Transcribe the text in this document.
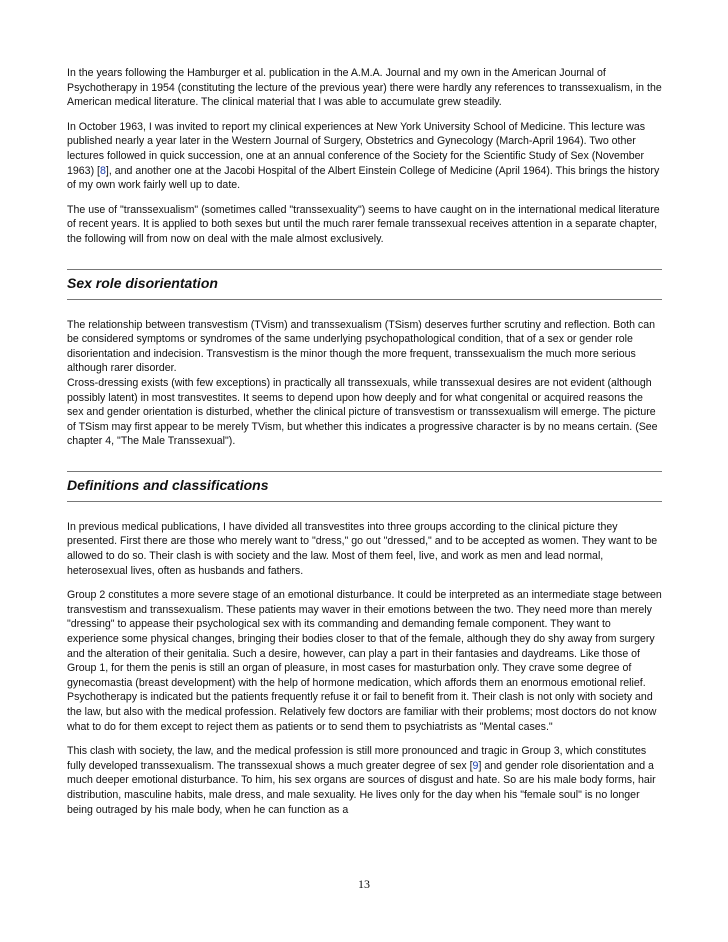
In the years following the Hamburger et al. publication in the A.M.A. Journal and my own in the American Journal of Psychotherapy in 1954 (constituting the lecture of the previous year) there were hardly any references to transsexualism, in the American medical literature. The clinical material that I was able to accumulate grew steadily.

In October 1963, I was invited to report my clinical experiences at New York University School of Medicine. This lecture was published nearly a year later in the Western Journal of Surgery, Obstetrics and Gynecology (March-April 1964). Two other lectures followed in quick succession, one at an annual conference of the Society for the Scientific Study of Sex (November 1963) [8], and another one at the Jacobi Hospital of the Albert Einstein College of Medicine (April 1964). This brings the history of my own work fairly well up to date.

The use of "transsexualism" (sometimes called "transsexuality") seems to have caught on in the international medical literature of recent years. It is applied to both sexes but until the much rarer female transsexual receives attention in a separate chapter, the following will from now on deal with the male almost exclusively.

Sex role disorientation

The relationship between transvestism (TVism) and transsexualism (TSism) deserves further scrutiny and reflection. Both can be considered symptoms or syndromes of the same underlying psychopathological condition, that of a sex or gender role disorientation and indecision. Transvestism is the minor though the more frequent, transsexualism the much more serious although rarer disorder.

Cross-dressing exists (with few exceptions) in practically all transsexuals, while transsexual desires are not evident (although possibly latent) in most transvestites. It seems to depend upon how deeply and for what congenital or acquired reasons the sex and gender orientation is disturbed, whether the clinical picture of transvestism or transsexualism will emerge. The picture of TSism may first appear to be merely TVism, but whether this indicates a progressive character is by no means certain. (See chapter 4, "The Male Transsexual").

Definitions and classifications

In previous medical publications, I have divided all transvestites into three groups according to the clinical picture they presented. First there are those who merely want to "dress," go out "dressed," and to be accepted as women. They want to be allowed to do so. Their clash is with society and the law. Most of them feel, live, and work as men and lead normal, heterosexual lives, often as husbands and fathers.

Group 2 constitutes a more severe stage of an emotional disturbance. It could be interpreted as an intermediate stage between transvestism and transsexualism. These patients may waver in their emotions between the two. They need more than merely "dressing" to appease their psychological sex with its commanding and demanding female component. They want to experience some physical changes, bringing their bodies closer to that of the female, although they do shy away from surgery and the alteration of their genitalia. Such a desire, however, can play a part in their fantasies and daydreams. Like those of Group 1, for them the penis is still an organ of pleasure, in most cases for masturbation only. They crave some degree of gynecomastia (breast development) with the help of hormone medication, which affords them an enormous emotional relief. Psychotherapy is indicated but the patients frequently refuse it or fail to benefit from it. Their clash is not only with society and the law, but also with the medical profession. Relatively few doctors are familiar with their problems; most doctors do not know what to do for them except to reject them as patients or to send them to psychiatrists as "Mental cases."

This clash with society, the law, and the medical profession is still more pronounced and tragic in Group 3, which constitutes fully developed transsexualism. The transsexual shows a much greater degree of sex [9] and gender role disorientation and a much deeper emotional disturbance. To him, his sex organs are sources of disgust and hate. So are his male body forms, hair distribution, masculine habits, male dress, and male sexuality. He lives only for the day when his "female soul" is no longer being outraged by his male body, when he can function as a

13
